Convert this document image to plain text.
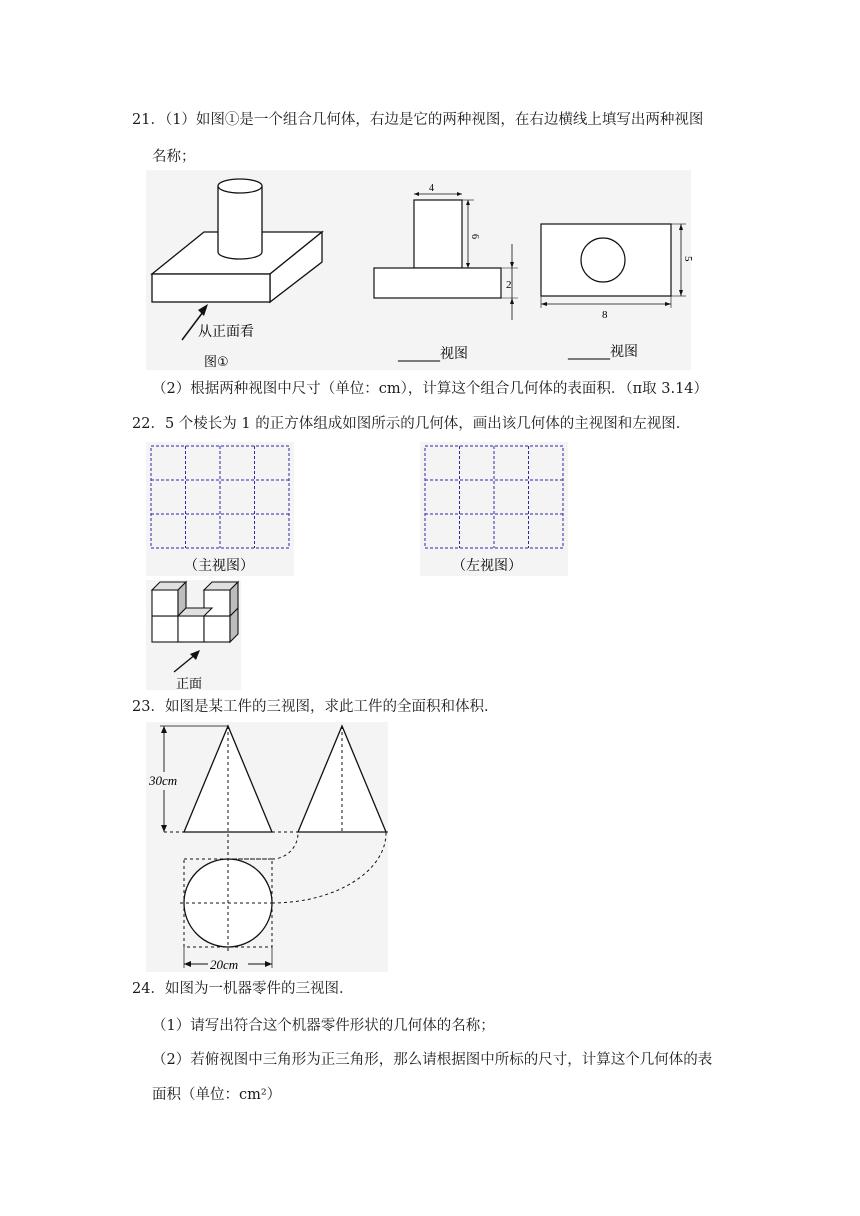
21．（1）如图①是一个组合几何体，右边是它的两种视图，在右边横线上填写出两种视图
名称；
从正面看
图①
4
6
2
5
8
______视图	______视图
（2）根据两种视图中尺寸（单位：cm），计算这个组合几何体的表面积．（π取 3.14）
22．5 个棱长为 1 的正方体组成如图所示的几何体，画出该几何体的主视图和左视图．
（主视图）	（左视图）
正面
23．如图是某工件的三视图，求此工件的全面积和体积．
30cm
20cm
24．如图为一机器零件的三视图．
（1）请写出符合这个机器零件形状的几何体的名称；
（2）若俯视图中三角形为正三角形，那么请根据图中所标的尺寸，计算这个几何体的表
面积（单位：cm²）
